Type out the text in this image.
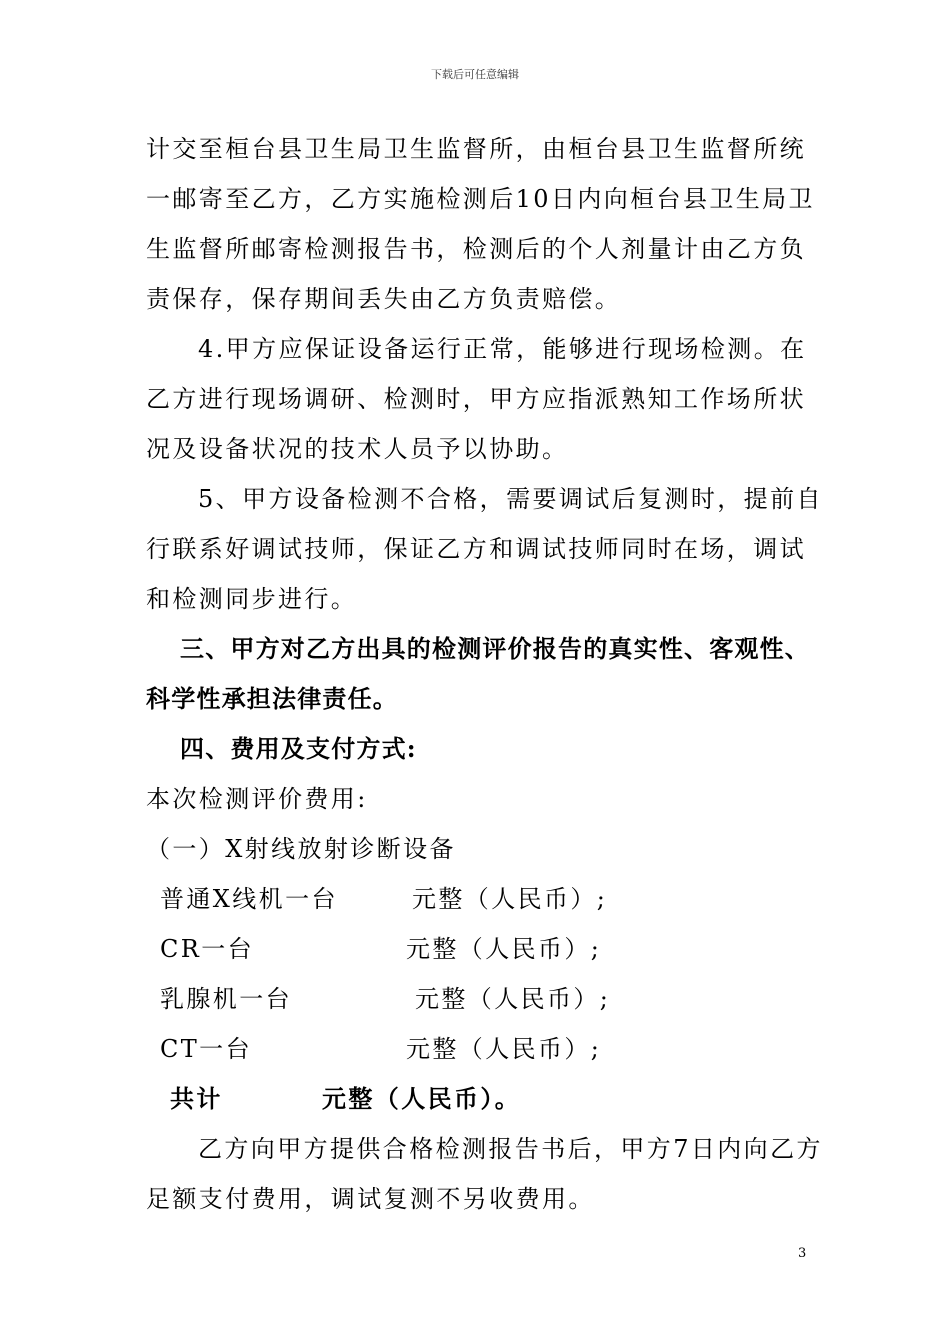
下载后可任意编辑
计交至桓台县卫生局卫生监督所，由桓台县卫生监督所统
一邮寄至乙方，乙方实施检测后10日内向桓台县卫生局卫
生监督所邮寄检测报告书，检测后的个人剂量计由乙方负
责保存，保存期间丢失由乙方负责赔偿。
4.甲方应保证设备运行正常，能够进行现场检测。在
乙方进行现场调研、检测时，甲方应指派熟知工作场所状
况及设备状况的技术人员予以协助。
5、甲方设备检测不合格，需要调试后复测时，提前自
行联系好调试技师，保证乙方和调试技师同时在场，调试
和检测同步进行。
三、甲方对乙方出具的检测评价报告的真实性、客观性、
科学性承担法律责任。
四、费用及支付方式:
本次检测评价费用:
（一）X射线放射诊断设备
普通X线机一台	元整（人民币）;
CR一台	元整（人民币）;
乳腺机一台	元整（人民币）;
CT一台	元整（人民币）;
共计	元整（人民币）。
乙方向甲方提供合格检测报告书后，甲方7日内向乙方
足额支付费用，调试复测不另收费用。
3
